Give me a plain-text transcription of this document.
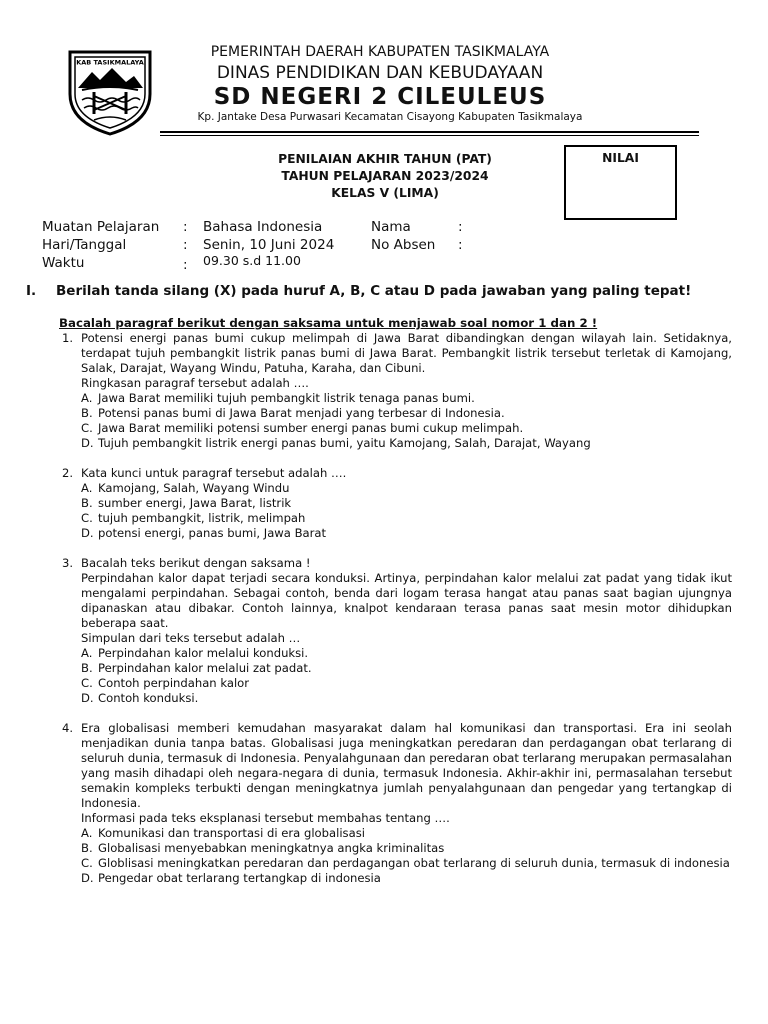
KAB TASIKMALAYA
PEMERINTAH DAERAH KABUPATEN TASIKMALAYA
DINAS PENDIDIKAN DAN KEBUDAYAAN
SD NEGERI 2 CILEULEUS
Kp. Jantake Desa Purwasari Kecamatan Cisayong Kabupaten Tasikmalaya
PENILAIAN AKHIR TAHUN (PAT)
TAHUN PELAJARAN 2023/2024
KELAS V (LIMA)
NILAI
Muatan Pelajaran : Bahasa Indonesia	Nama	:
Hari/Tanggal	: Senin, 10 Juni 2024	No Absen :
Waktu	: 09.30 s.d 11.00
I. Berilah tanda silang (X) pada huruf A, B, C atau D pada jawaban yang paling tepat!
Bacalah paragraf berikut dengan saksama untuk menjawab soal nomor 1 dan 2 !
1. Potensi energi panas bumi cukup melimpah di Jawa Barat dibandingkan dengan wilayah lain. Setidaknya, terdapat tujuh pembangkit listrik panas bumi di Jawa Barat. Pembangkit listrik tersebut terletak di Kamojang, Salak, Darajat, Wayang Windu, Patuha, Karaha, dan Cibuni.

Ringkasan paragraf tersebut adalah ….

A. Jawa Barat memiliki tujuh pembangkit listrik tenaga panas bumi.
B. Potensi panas bumi di Jawa Barat menjadi yang terbesar di Indonesia.
C. Jawa Barat memiliki potensi sumber energi panas bumi cukup melimpah.
D. Tujuh pembangkit listrik energi panas bumi, yaitu Kamojang, Salah, Darajat, Wayang
2. Kata kunci untuk paragraf tersebut adalah ….

A. Kamojang, Salah, Wayang Windu
B. sumber energi, Jawa Barat, listrik
C. tujuh pembangkit, listrik, melimpah
D. potensi energi, panas bumi, Jawa Barat
3. Bacalah teks berikut dengan saksama !

Perpindahan kalor dapat terjadi secara konduksi. Artinya, perpindahan kalor melalui zat padat yang tidak ikut mengalami perpindahan. Sebagai contoh, benda dari logam terasa hangat atau panas saat bagian ujungnya dipanaskan atau dibakar. Contoh lainnya, knalpot kendaraan terasa panas saat mesin motor dihidupkan beberapa saat.

Simpulan dari teks tersebut adalah …

A. Perpindahan kalor melalui konduksi.
B. Perpindahan kalor melalui zat padat.
C. Contoh perpindahan kalor
D. Contoh konduksi.
4. Era globalisasi memberi kemudahan masyarakat dalam hal komunikasi dan transportasi. Era ini seolah menjadikan dunia tanpa batas. Globalisasi juga meningkatkan peredaran dan perdagangan obat terlarang di seluruh dunia, termasuk di Indonesia. Penyalahgunaan dan peredaran obat terlarang merupakan permasalahan yang masih dihadapi oleh negara-negara di dunia, termasuk Indonesia. Akhir-akhir ini, permasalahan tersebut semakin kompleks terbukti dengan meningkatnya jumlah penyalahgunaan dan pengedar yang tertangkap di Indonesia.

Informasi pada teks eksplanasi tersebut membahas tentang ….

A. Komunikasi dan transportasi di era globalisasi
B. Globalisasi menyebabkan meningkatnya angka kriminalitas
C. Globlisasi meningkatkan peredaran dan perdagangan obat terlarang di seluruh dunia, termasuk di indonesia
D. Pengedar obat terlarang tertangkap di indonesia
